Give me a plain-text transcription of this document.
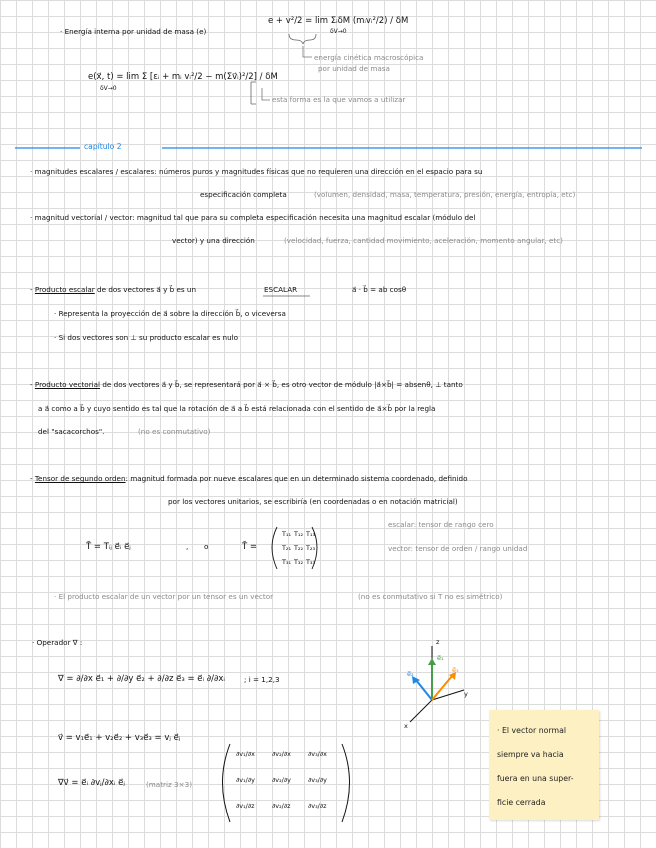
· Energía interna por unidad de masa (e)
e + v²/2 = lim ΣᵢδM (mᵢvᵢ²/2) / δM
δV→0
energía cinética macroscópica
por unidad de masa
e(x⃗, t) = lim Σ [εᵢ + mᵢ vᵢ²/2 − m(Σv⃗ᵢ)²/2] / δM
δV→0
esta forma es la que vamos a utilizar
capítulo 2
· magnitudes escalares / escalares: números puros y magnitudes físicas que no requieren una dirección en el espacio para su
especificación completa	(volumen, densidad, masa, temperatura, presión, energía, entropía, etc)
· magnitud vectorial / vector: magnitud tal que para su completa especificación necesita una magnitud escalar (módulo del
vector) y una dirección	(velocidad, fuerza, cantidad movimiento, aceleración, momento angular, etc)
- Producto escalar de dos vectores a⃗ y b⃗ es un	ESCALAR	a⃗ · b⃗ = ab cosθ
· Representa la proyección de a⃗ sobre la dirección b⃗, o viceversa
· Si dos vectores son ⊥ su producto escalar es nulo
- Producto vectorial de dos vectores a⃗ y b⃗, se representará por a⃗ × b⃗, es otro vector de módulo |a⃗×b⃗| = absenθ, ⊥ tanto
a a⃗ como a b⃗ y cuyo sentido es tal que la rotación de a⃗ a b⃗ está relacionada con el sentido de a⃗×b⃗ por la regla
del "sacacorchos".	(no es conmutativo)
- Tensor de segundo orden: magnitud formada por nueve escalares que en un determinado sistema coordenado, definido
por los vectores unitarios, se escribiría (en coordenadas o en notación matricial)
T̄ = Tᵢⱼ e⃗ᵢ e⃗ⱼ	, o	T̄ =
T₁₁ T₁₂ T₁₃
T₂₁ T₂₂ T₂₃
T₃₁ T₃₂ T₃₃
escalar: tensor de rango cero
vector: tensor de orden / rango unidad
· El producto escalar de un vector por un tensor es un vector	(no es conmutativo si T no es simétrico)
· Operador ∇ :
∇ = ∂/∂x e⃗₁ + ∂/∂y e⃗₂ + ∂/∂z e⃗₃ = e⃗ᵢ ∂/∂xᵢ	; i = 1,2,3
v⃗ = v₁e⃗₁ + v₂e⃗₂ + v₃e⃗₃ = vⱼ e⃗ⱼ
∇v⃗ = e⃗ᵢ ∂vⱼ/∂xᵢ e⃗ⱼ	(matriz 3×3)
∂v₁/∂x	∂v₂/∂x	∂v₃/∂x
∂v₁/∂y	∂v₂/∂y	∂v₃/∂y
∂v₁/∂z	∂v₂/∂z	∂v₃/∂z
z
y
x
e⃗₁
e⃗₂	e⃗₃
· El vector normal
siempre va hacia
fuera en una super-
ficie cerrada
